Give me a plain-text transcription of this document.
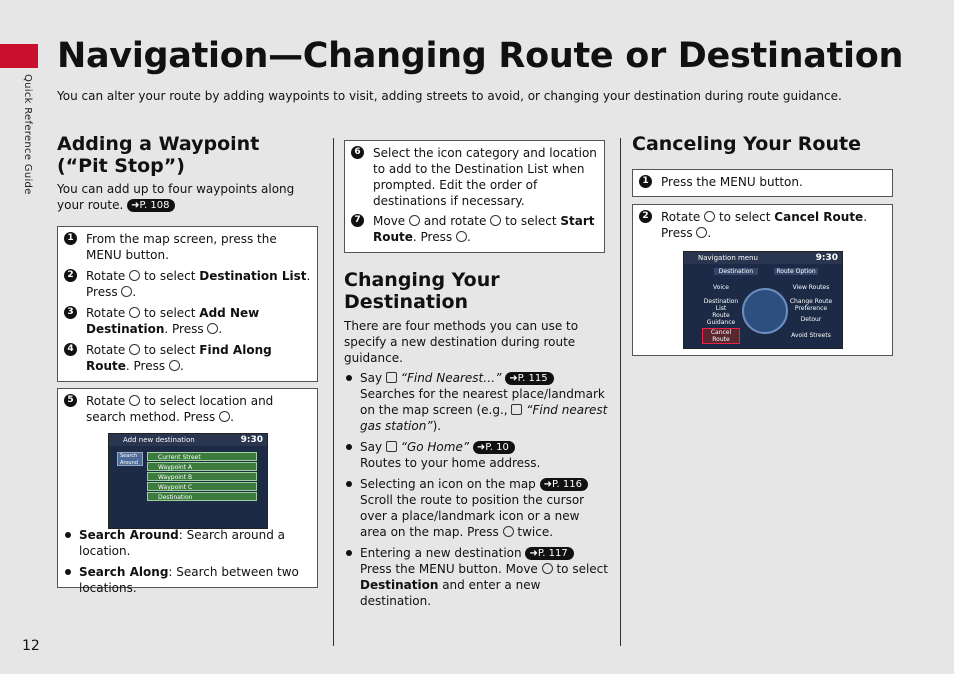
Quick Reference Guide
Navigation—Changing Route or Destination
You can alter your route by adding waypoints to visit, adding streets to avoid, or changing your destination during route guidance.
Adding a Waypoint
(“Pit Stop”)
You can add up to four waypoints along your route. ➜P. 108
1 From the map screen, press the MENU button.
2 Rotate to select Destination List. Press .
3 Rotate to select Add New Destination. Press .
4 Rotate to select Find Along Route. Press .
5 Rotate to select location and search method. Press .
Add new destination	9:30
Search Around
Current Street
Waypoint A
Waypoint B
Waypoint C
Destination
Search Around: Search around a location.
Search Along: Search between two locations.
6 Select the icon category and location to add to the Destination List when prompted. Edit the order of destinations if necessary.
7 Move and rotate to select Start Route. Press .
Changing Your
Destination
There are four methods you can use to specify a new destination during route guidance.
Say “Find Nearest…” ➜P. 115
Searches for the nearest place/landmark on the map screen (e.g., “Find nearest gas station”).
Say “Go Home” ➜P. 10
Routes to your home address.
Selecting an icon on the map ➜P. 116
Scroll the route to position the cursor over a place/landmark icon or a new area on the map. Press twice.
Entering a new destination ➜P. 117
Press the MENU button. Move to select Destination and enter a new destination.
Canceling Your Route
1 Press the MENU button.
2 Rotate to select Cancel Route. Press .
Navigation menu	9:30
Destination	Route Option
Voice
Destination List
Route Guidance
Cancel Route
View Routes
Change Route Preference
Detour
Avoid Streets
12
